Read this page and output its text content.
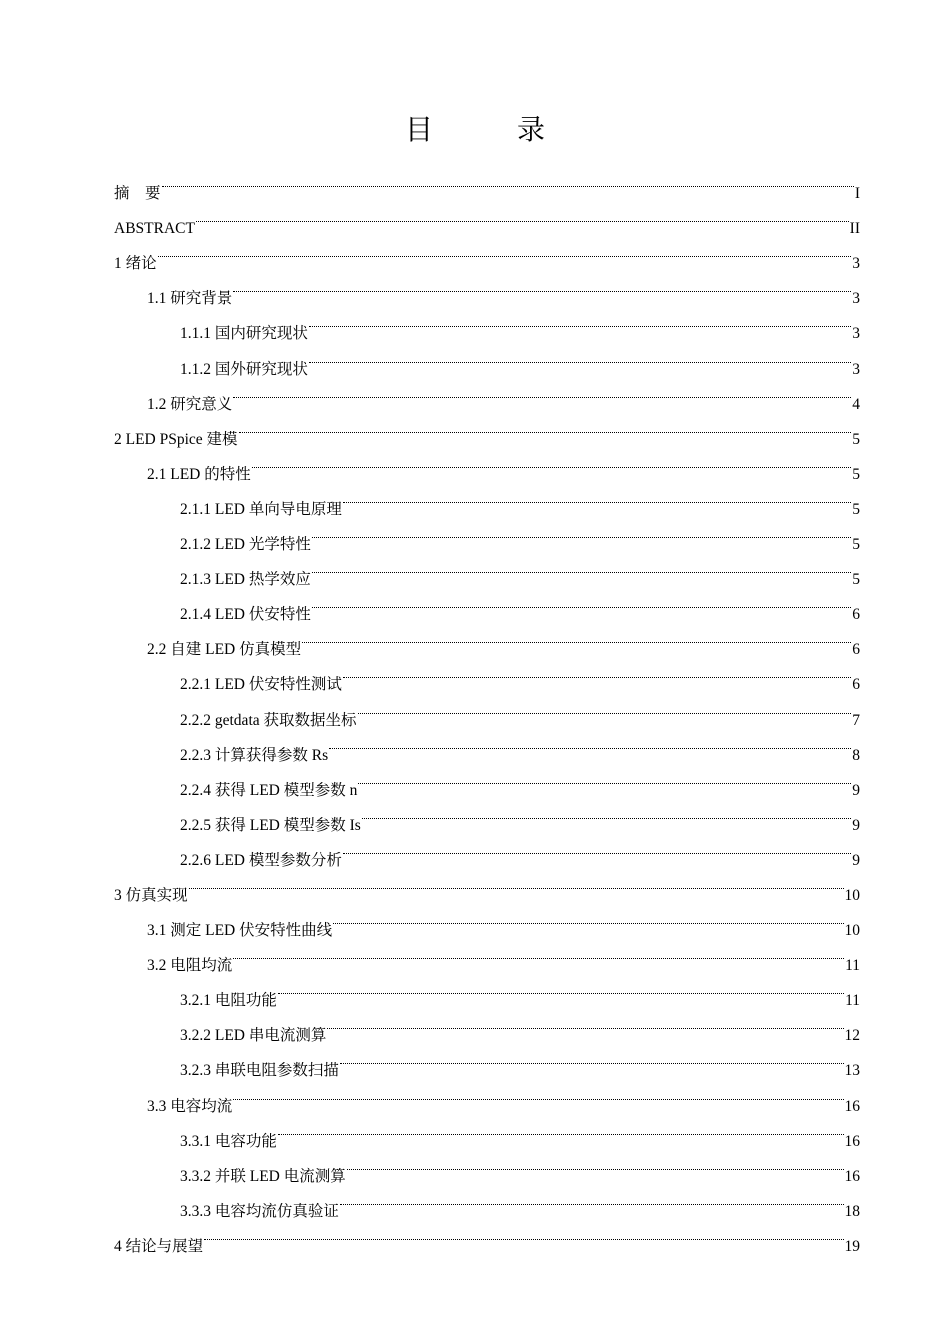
目　录
摘　要	I
ABSTRACT	II
1 绪论	3
1.1 研究背景	3
1.1.1 国内研究现状	3
1.1.2 国外研究现状	3
1.2 研究意义	4
2 LED PSpice 建模	5
2.1 LED 的特性	5
2.1.1 LED 单向导电原理	5
2.1.2 LED 光学特性	5
2.1.3 LED 热学效应	5
2.1.4 LED 伏安特性	6
2.2 自建 LED 仿真模型	6
2.2.1 LED 伏安特性测试	6
2.2.2 getdata 获取数据坐标	7
2.2.3 计算获得参数 Rs	8
2.2.4 获得 LED 模型参数 n	9
2.2.5 获得 LED 模型参数 Is	9
2.2.6 LED 模型参数分析	9
3 仿真实现	10
3.1 测定 LED 伏安特性曲线	10
3.2 电阻均流	11
3.2.1 电阻功能	11
3.2.2 LED 串电流测算	12
3.2.3 串联电阻参数扫描	13
3.3 电容均流	16
3.3.1 电容功能	16
3.3.2 并联 LED 电流测算	16
3.3.3 电容均流仿真验证	18
4 结论与展望	19
